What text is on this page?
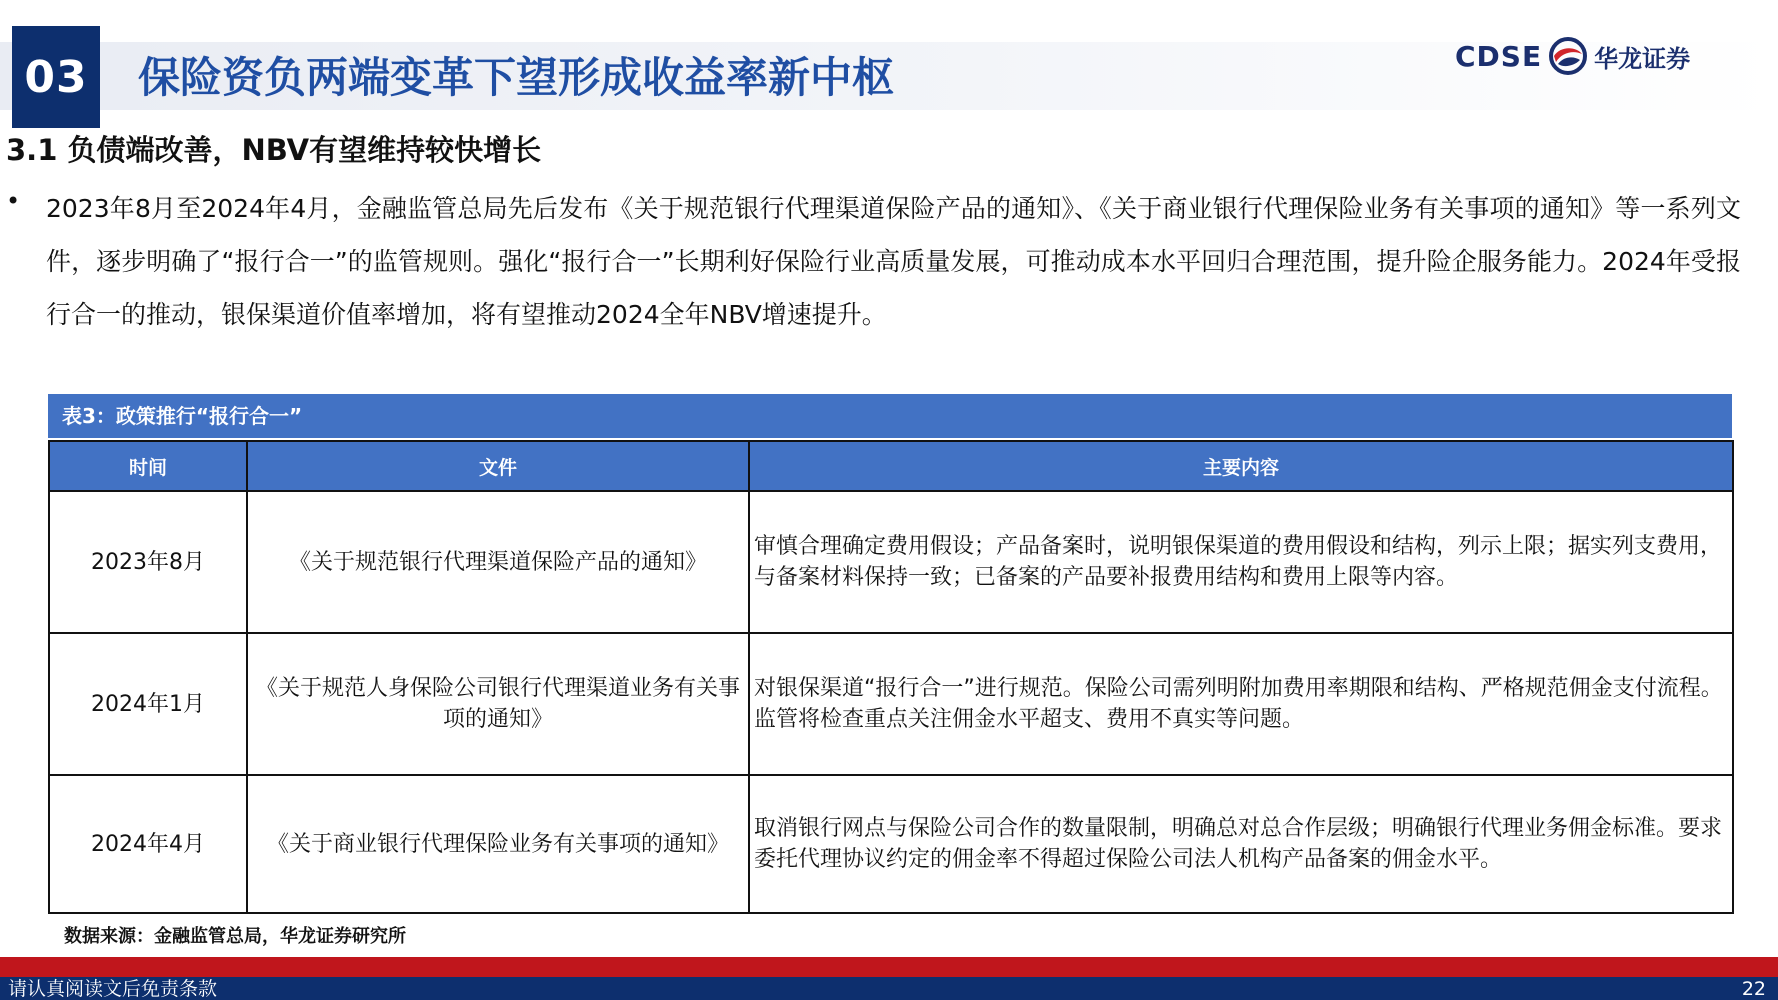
03 保险资负两端变革下望形成收益率新中枢	CDSE 华龙证券
3.1 负债端改善，NBV有望维持较快增长
• 2023年8月至2024年4月，金融监管总局先后发布《关于规范银行代理渠道保险产品的通知》、《关于商业银行代理保险业务有关事项的通知》等一系列文件，逐步明确了“报行合一”的监管规则。强化“报行合一”长期利好保险行业高质量发展，可推动成本水平回归合理范围，提升险企服务能力。2024年受报行合一的推动，银保渠道价值率增加，将有望推动2024全年NBV增速提升。
表3：政策推行“报行合一”
时间	文件	主要内容
2023年8月	《关于规范银行代理渠道保险产品的通知》	审慎合理确定费用假设；产品备案时，说明银保渠道的费用假设和结构，列示上限；据实列支费用，与备案材料保持一致；已备案的产品要补报费用结构和费用上限等内容。
2024年1月	《关于规范人身保险公司银行代理渠道业务有关事项的通知》	对银保渠道“报行合一”进行规范。保险公司需列明附加费用率期限和结构、严格规范佣金支付流程。监管将检查重点关注佣金水平超支、费用不真实等问题。
2024年4月	《关于商业银行代理保险业务有关事项的通知》	取消银行网点与保险公司合作的数量限制，明确总对总合作层级；明确银行代理业务佣金标准。要求委托代理协议约定的佣金率不得超过保险公司法人机构产品备案的佣金水平。
数据来源：金融监管总局，华龙证券研究所
请认真阅读文后免责条款	22
